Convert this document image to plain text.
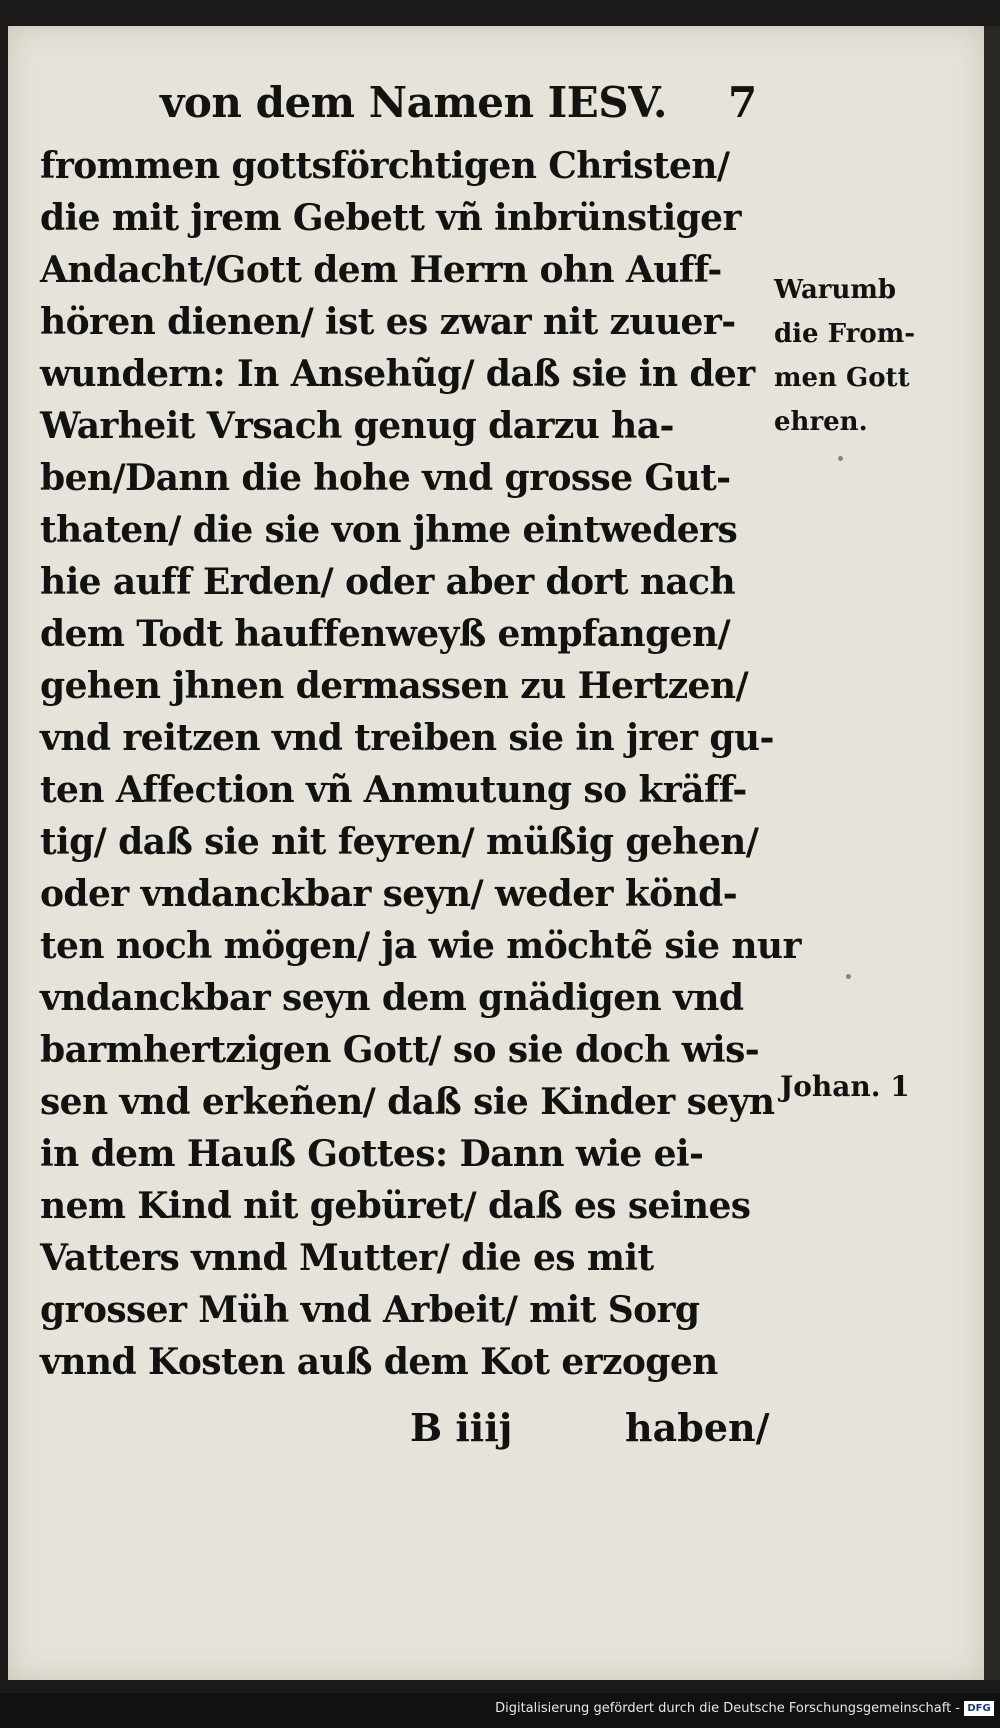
von dem Namen IESV. 7
frommen gottsförchtigen Christen/
die mit jrem Gebett vñ inbrünstiger
Andacht/Gott dem Herrn ohn Auff-
hören dienen/ ist es zwar nit zuuer-
wundern: In Ansehũg/ daß sie in der
Warheit Vrsach genug darzu ha-
ben/Dann die hohe vnd grosse Gut-
thaten/ die sie von jhme eintweders
hie auff Erden/ oder aber dort nach
dem Todt hauffenweyß empfangen/
gehen jhnen dermassen zu Hertzen/
vnd reitzen vnd treiben sie in jrer gu-
ten Affection vñ Anmutung so kräff-
tig/ daß sie nit feyren/ müßig gehen/
oder vndanckbar seyn/ weder könd-
ten noch mögen/ ja wie möchtẽ sie nur
vndanckbar seyn dem gnädigen vnd
barmhertzigen Gott/ so sie doch wis-
sen vnd erkeñen/ daß sie Kinder seyn
in dem Hauß Gottes: Dann wie ei-
nem Kind nit gebüret/ daß es seines
Vatters vnnd Mutter/ die es mit
grosser Müh vnd Arbeit/ mit Sorg
vnnd Kosten auß dem Kot erzogen
B iiij	haben/
Warumb
die From-
men Gott
ehren.
Johan. 1
Digitalisierung gefördert durch die Deutsche Forschungsgemeinschaft - DFG
